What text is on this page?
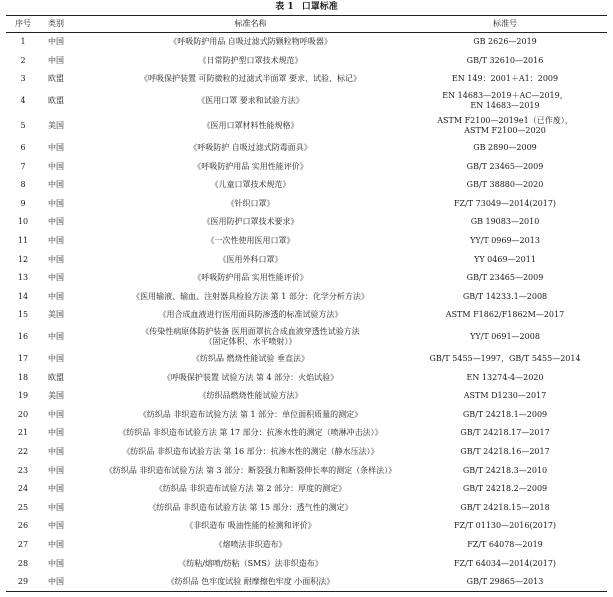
表 1 口罩标准
序号	类别	标准名称	标准号
1	中国	《呼吸防护用品 自吸过滤式防颗粒物呼吸器》	GB 2626—2019

2	中国	《日常防护型口罩技术规范》	GB/T 32610—2016

3	欧盟	《呼吸保护装置 可防微粒的过滤式半面罩 要求、试验、标记》	EN 149：2001＋A1：2009

4	欧盟	《医用口罩 要求和试验方法》	EN 14683—2019＋AC—2019，
EN 14683—2019

5	美国	《医用口罩材料性能规格》	ASTM F2100—2019e1（已作废），
ASTM F2100—2020

6	中国	《呼吸防护 自吸过滤式防毒面具》	GB 2890—2009

7	中国	《呼吸防护用品 实用性能评价》	GB/T 23465—2009

8	中国	《儿童口罩技术规范》	GB/T 38880—2020

9	中国	《针织口罩》	FZ/T 73049—2014(2017)

10	中国	《医用防护口罩技术要求》	GB 19083—2010

11	中国	《一次性使用医用口罩》	YY/T 0969—2013

12	中国	《医用外科口罩》	YY 0469—2011

13	中国	《呼吸防护用品 实用性能评价》	GB/T 23465—2009

14	中国	《医用输液、输血、注射器具检验方法 第 1 部分：化学分析方法》	GB/T 14233.1—2008

15	美国	《用合成血液进行医用面具防渗透的标准试验方法》	ASTM F1862/F1862M—2017

16	中国	《传染性病原体防护装备 医用面罩抗合成血液穿透性试验方法
（固定体积、水平喷射）》	YY/T 0691—2008

17	中国	《纺织品 燃烧性能试验 垂直法》	GB/T 5455—1997，GB/T 5455—2014

18	欧盟	《呼吸保护装置 试验方法 第 4 部分：火焰试验》	EN 13274-4—2020

19	美国	《纺织品燃烧性能试验方法》	ASTM D1230—2017

20	中国	《纺织品 非织造布试验方法 第 1 部分：单位面积质量的测定》	GB/T 24218.1—2009

21	中国	《纺织品 非织造布试验方法 第 17 部分：抗渗水性的测定（喷淋冲击法）》	GB/T 24218.17—2017

22	中国	《纺织品 非织造布试验方法 第 16 部分：抗渗水性的测定（静水压法）》	GB/T 24218.16—2017

23	中国	《纺织品 非织造布试验方法 第 3 部分：断裂强力和断裂伸长率的测定（条样法）》	GB/T 24218.3—2010

24	中国	《纺织品 非织造布试验方法 第 2 部分：厚度的测定》	GB/T 24218.2—2009

25	中国	《纺织品 非织造布试验方法 第 15 部分：透气性的测定》	GB/T 24218.15—2018

26	中国	《非织造布 吸油性能的检测和评价》	FZ/T 01130—2016(2017)

27	中国	《熔喷法非织造布》	FZ/T 64078—2019

28	中国	《纺粘/熔喷/纺粘（SMS）法非织造布》	FZ/T 64034—2014(2017)

29	中国	《纺织品 色牢度试验 耐摩擦色牢度 小面积法》	GB/T 29865—2013
